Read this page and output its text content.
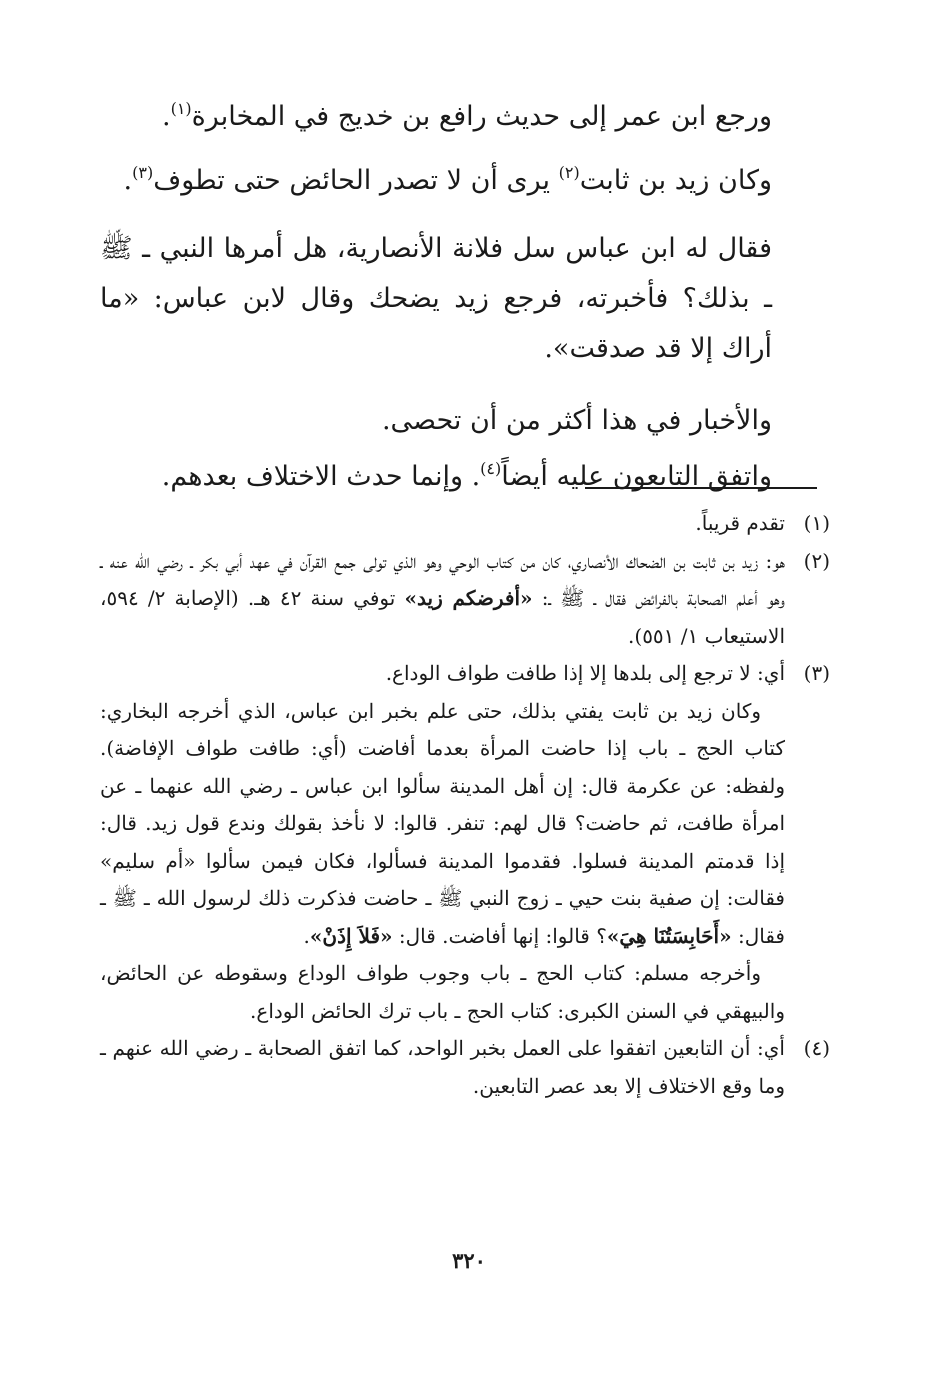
ورجع ابن عمر إلى حديث رافع بن خديج في المخابرة$^{(١)}$.

وكان زيد بن ثابت$^{(٢)}$ يرى أن لا تصدر الحائض حتى تطوف$^{(٣)}$.

فقال له ابن عباس سل فلانة الأنصارية، هل أمرها النبي ـ ﷺ ـ بذلك؟ فأخبرته، فرجع زيد يضحك وقال لابن عباس: «ما أراك إلا قد صدقت».

والأخبار في هذا أكثر من أن تحصى.

واتفق التابعون عليه أيضاً$^{(٤)}$. وإنما حدث الاختلاف بعدهم.

(١)

تقدم قريباً.

(٢)

هو: زيد بن ثابت بن الضحاك الأنصاري، كان من كتاب الوحي وهو الذي تولى جمع القرآن في عهد أبي بكر ـ رضي الله عنه ـ وهو أعلم الصحابة بالفرائض فقال ـ ﷺ ـ: «أفرضكم زيد» توفي سنة ٤٢ هـ. (الإصابة ٢/ ٥٩٤، الاستيعاب ١/ ٥٥١).

(٣)

أي: لا ترجع إلى بلدها إلا إذا طافت طواف الوداع.

وكان زيد بن ثابت يفتي بذلك، حتى علم بخبر ابن عباس، الذي أخرجه البخاري: كتاب الحج ـ باب إذا حاضت المرأة بعدما أفاضت (أي: طافت طواف الإفاضة). ولفظه: عن عكرمة قال: إن أهل المدينة سألوا ابن عباس ـ رضي الله عنهما ـ عن امرأة طافت، ثم حاضت؟ قال لهم: تنفر. قالوا: لا نأخذ بقولك وندع قول زيد. قال: إذا قدمتم المدينة فسلوا. فقدموا المدينة فسألوا، فكان فيمن سألوا «أم سليم» فقالت: إن صفية بنت حيي ـ زوج النبي ﷺ ـ حاضت فذكرت ذلك لرسول الله ـ ﷺ ـ فقال: «أَحَابِسَتُنَا هِيَ»؟ قالوا: إنها أفاضت. قال: «فَلاَ إِذَنْ».

وأخرجه مسلم: كتاب الحج ـ باب وجوب طواف الوداع وسقوطه عن الحائض، والبيهقي في السنن الكبرى: كتاب الحج ـ باب ترك الحائض الوداع.

(٤)

أي: أن التابعين اتفقوا على العمل بخبر الواحد، كما اتفق الصحابة ـ رضي الله عنهم ـ وما وقع الاختلاف إلا بعد عصر التابعين.

٣٢٠
